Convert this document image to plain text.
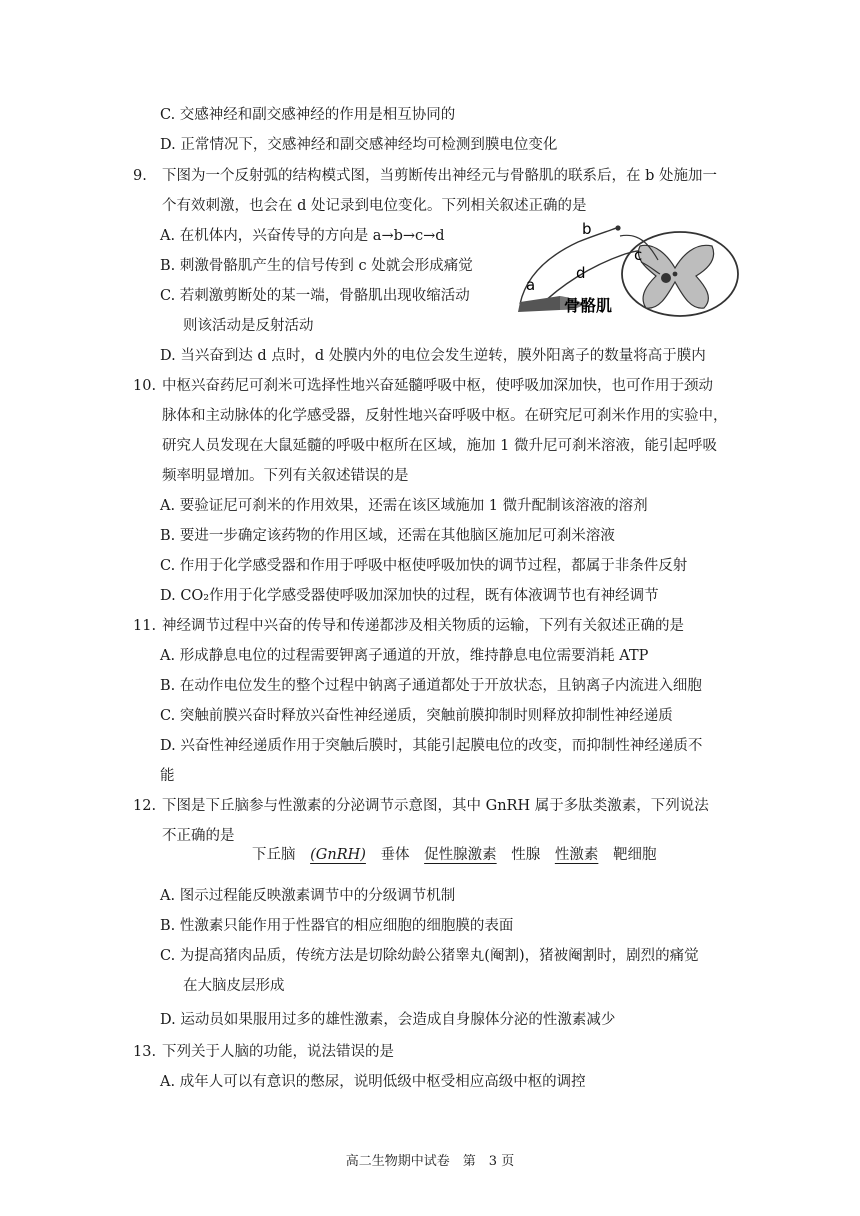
C. 交感神经和副交感神经的作用是相互协同的
D. 正常情况下，交感神经和副交感神经均可检测到膜电位变化
9. 下图为一个反射弧的结构模式图，当剪断传出神经元与骨骼肌的联系后，在 b 处施加一
个有效刺激，也会在 d 处记录到电位变化。下列相关叙述正确的是
A. 在机体内，兴奋传导的方向是 a→b→c→d
B. 刺激骨骼肌产生的信号传到 c 处就会形成痛觉
C. 若刺激剪断处的某一端，骨骼肌出现收缩活动
则该活动是反射活动
D. 当兴奋到达 d 点时，d 处膜内外的电位会发生逆转，膜外阳离子的数量将高于膜内
b
c
d
a
骨骼肌
10. 中枢兴奋药尼可刹米可选择性地兴奋延髓呼吸中枢，使呼吸加深加快，也可作用于颈动
脉体和主动脉体的化学感受器，反射性地兴奋呼吸中枢。在研究尼可刹米作用的实验中，
研究人员发现在大鼠延髓的呼吸中枢所在区域，施加 1 微升尼可刹米溶液，能引起呼吸
频率明显增加。下列有关叙述错误的是
A. 要验证尼可刹米的作用效果，还需在该区域施加 1 微升配制该溶液的溶剂
B. 要进一步确定该药物的作用区域，还需在其他脑区施加尼可刹米溶液
C. 作用于化学感受器和作用于呼吸中枢使呼吸加快的调节过程，都属于非条件反射
D. CO₂作用于化学感受器使呼吸加深加快的过程，既有体液调节也有神经调节
11. 神经调节过程中兴奋的传导和传递都涉及相关物质的运输，下列有关叙述正确的是
A. 形成静息电位的过程需要钾离子通道的开放，维持静息电位需要消耗 ATP
B. 在动作电位发生的整个过程中钠离子通道都处于开放状态，且钠离子内流进入细胞
C. 突触前膜兴奋时释放兴奋性神经递质，突触前膜抑制时则释放抑制性神经递质
D. 兴奋性神经递质作用于突触后膜时，其能引起膜电位的改变，而抑制性神经递质不
能
12. 下图是下丘脑参与性激素的分泌调节示意图，其中 GnRH 属于多肽类激素，下列说法
不正确的是
下丘脑 (GnRH) 垂体 促性腺激素 性腺 性激素 靶细胞
A. 图示过程能反映激素调节中的分级调节机制
B. 性激素只能作用于性器官的相应细胞的细胞膜的表面
C. 为提高猪肉品质，传统方法是切除幼龄公猪睾丸(阉割)，猪被阉割时，剧烈的痛觉
在大脑皮层形成
D. 运动员如果服用过多的雄性激素，会造成自身腺体分泌的性激素减少
13. 下列关于人脑的功能，说法错误的是
A. 成年人可以有意识的憋尿，说明低级中枢受相应高级中枢的调控
高二生物期中试卷　第　3 页
